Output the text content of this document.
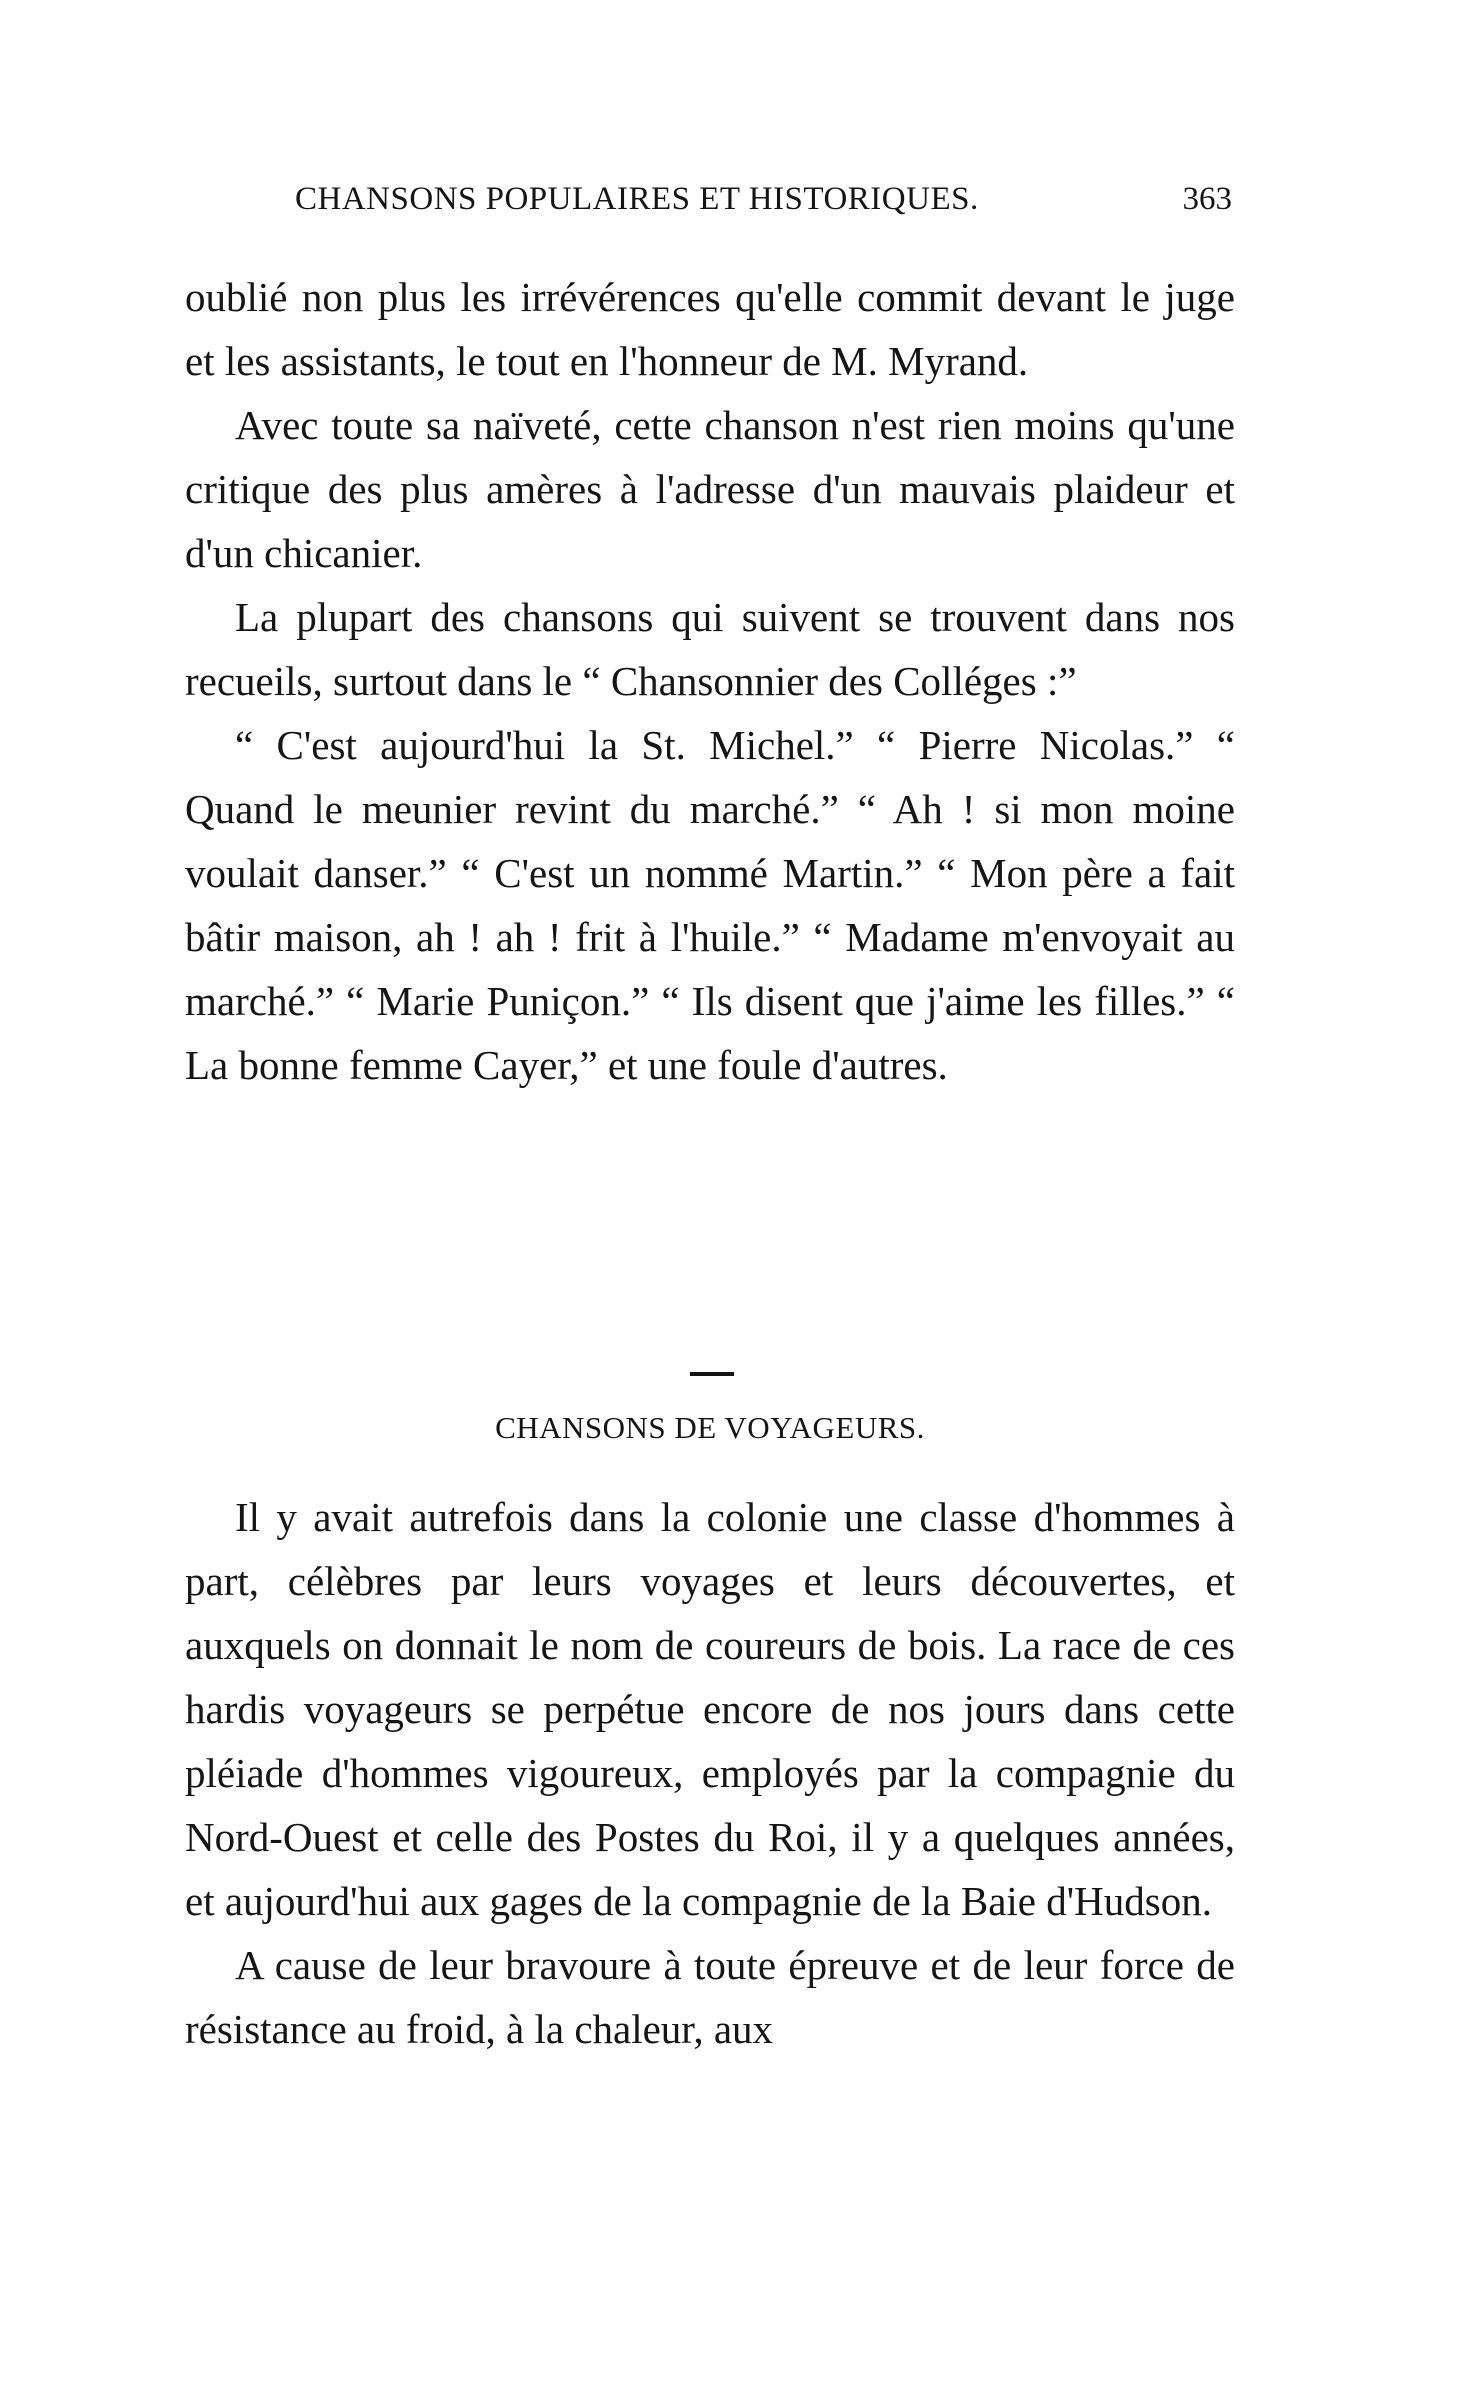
CHANSONS POPULAIRES ET HISTORIQUES.	363

oublié non plus les irrévérences qu'elle commit devant le juge et les assistants, le tout en l'honneur de M. Myrand.

Avec toute sa naïveté, cette chanson n'est rien moins qu'une critique des plus amères à l'adresse d'un mauvais plaideur et d'un chicanier.

La plupart des chansons qui suivent se trouvent dans nos recueils, surtout dans le “ Chansonnier des Colléges :”

“ C'est aujourd'hui la St. Michel.” “ Pierre Nicolas.” “ Quand le meunier revint du marché.” “ Ah ! si mon moine voulait danser.” “ C'est un nommé Martin.” “ Mon père a fait bâtir maison, ah ! ah ! frit à l'huile.” “ Madame m'envoyait au marché.” “ Marie Puniçon.” “ Ils disent que j'aime les filles.” “ La bonne femme Cayer,” et une foule d'autres.

CHANSONS DE VOYAGEURS.

Il y avait autrefois dans la colonie une classe d'hommes à part, célèbres par leurs voyages et leurs découvertes, et auxquels on donnait le nom de coureurs de bois. La race de ces hardis voyageurs se perpétue encore de nos jours dans cette pléiade d'hommes vigoureux, employés par la compagnie du Nord-Ouest et celle des Postes du Roi, il y a quelques années, et aujourd'hui aux gages de la compagnie de la Baie d'Hudson.

A cause de leur bravoure à toute épreuve et de leur force de résistance au froid, à la chaleur, aux
